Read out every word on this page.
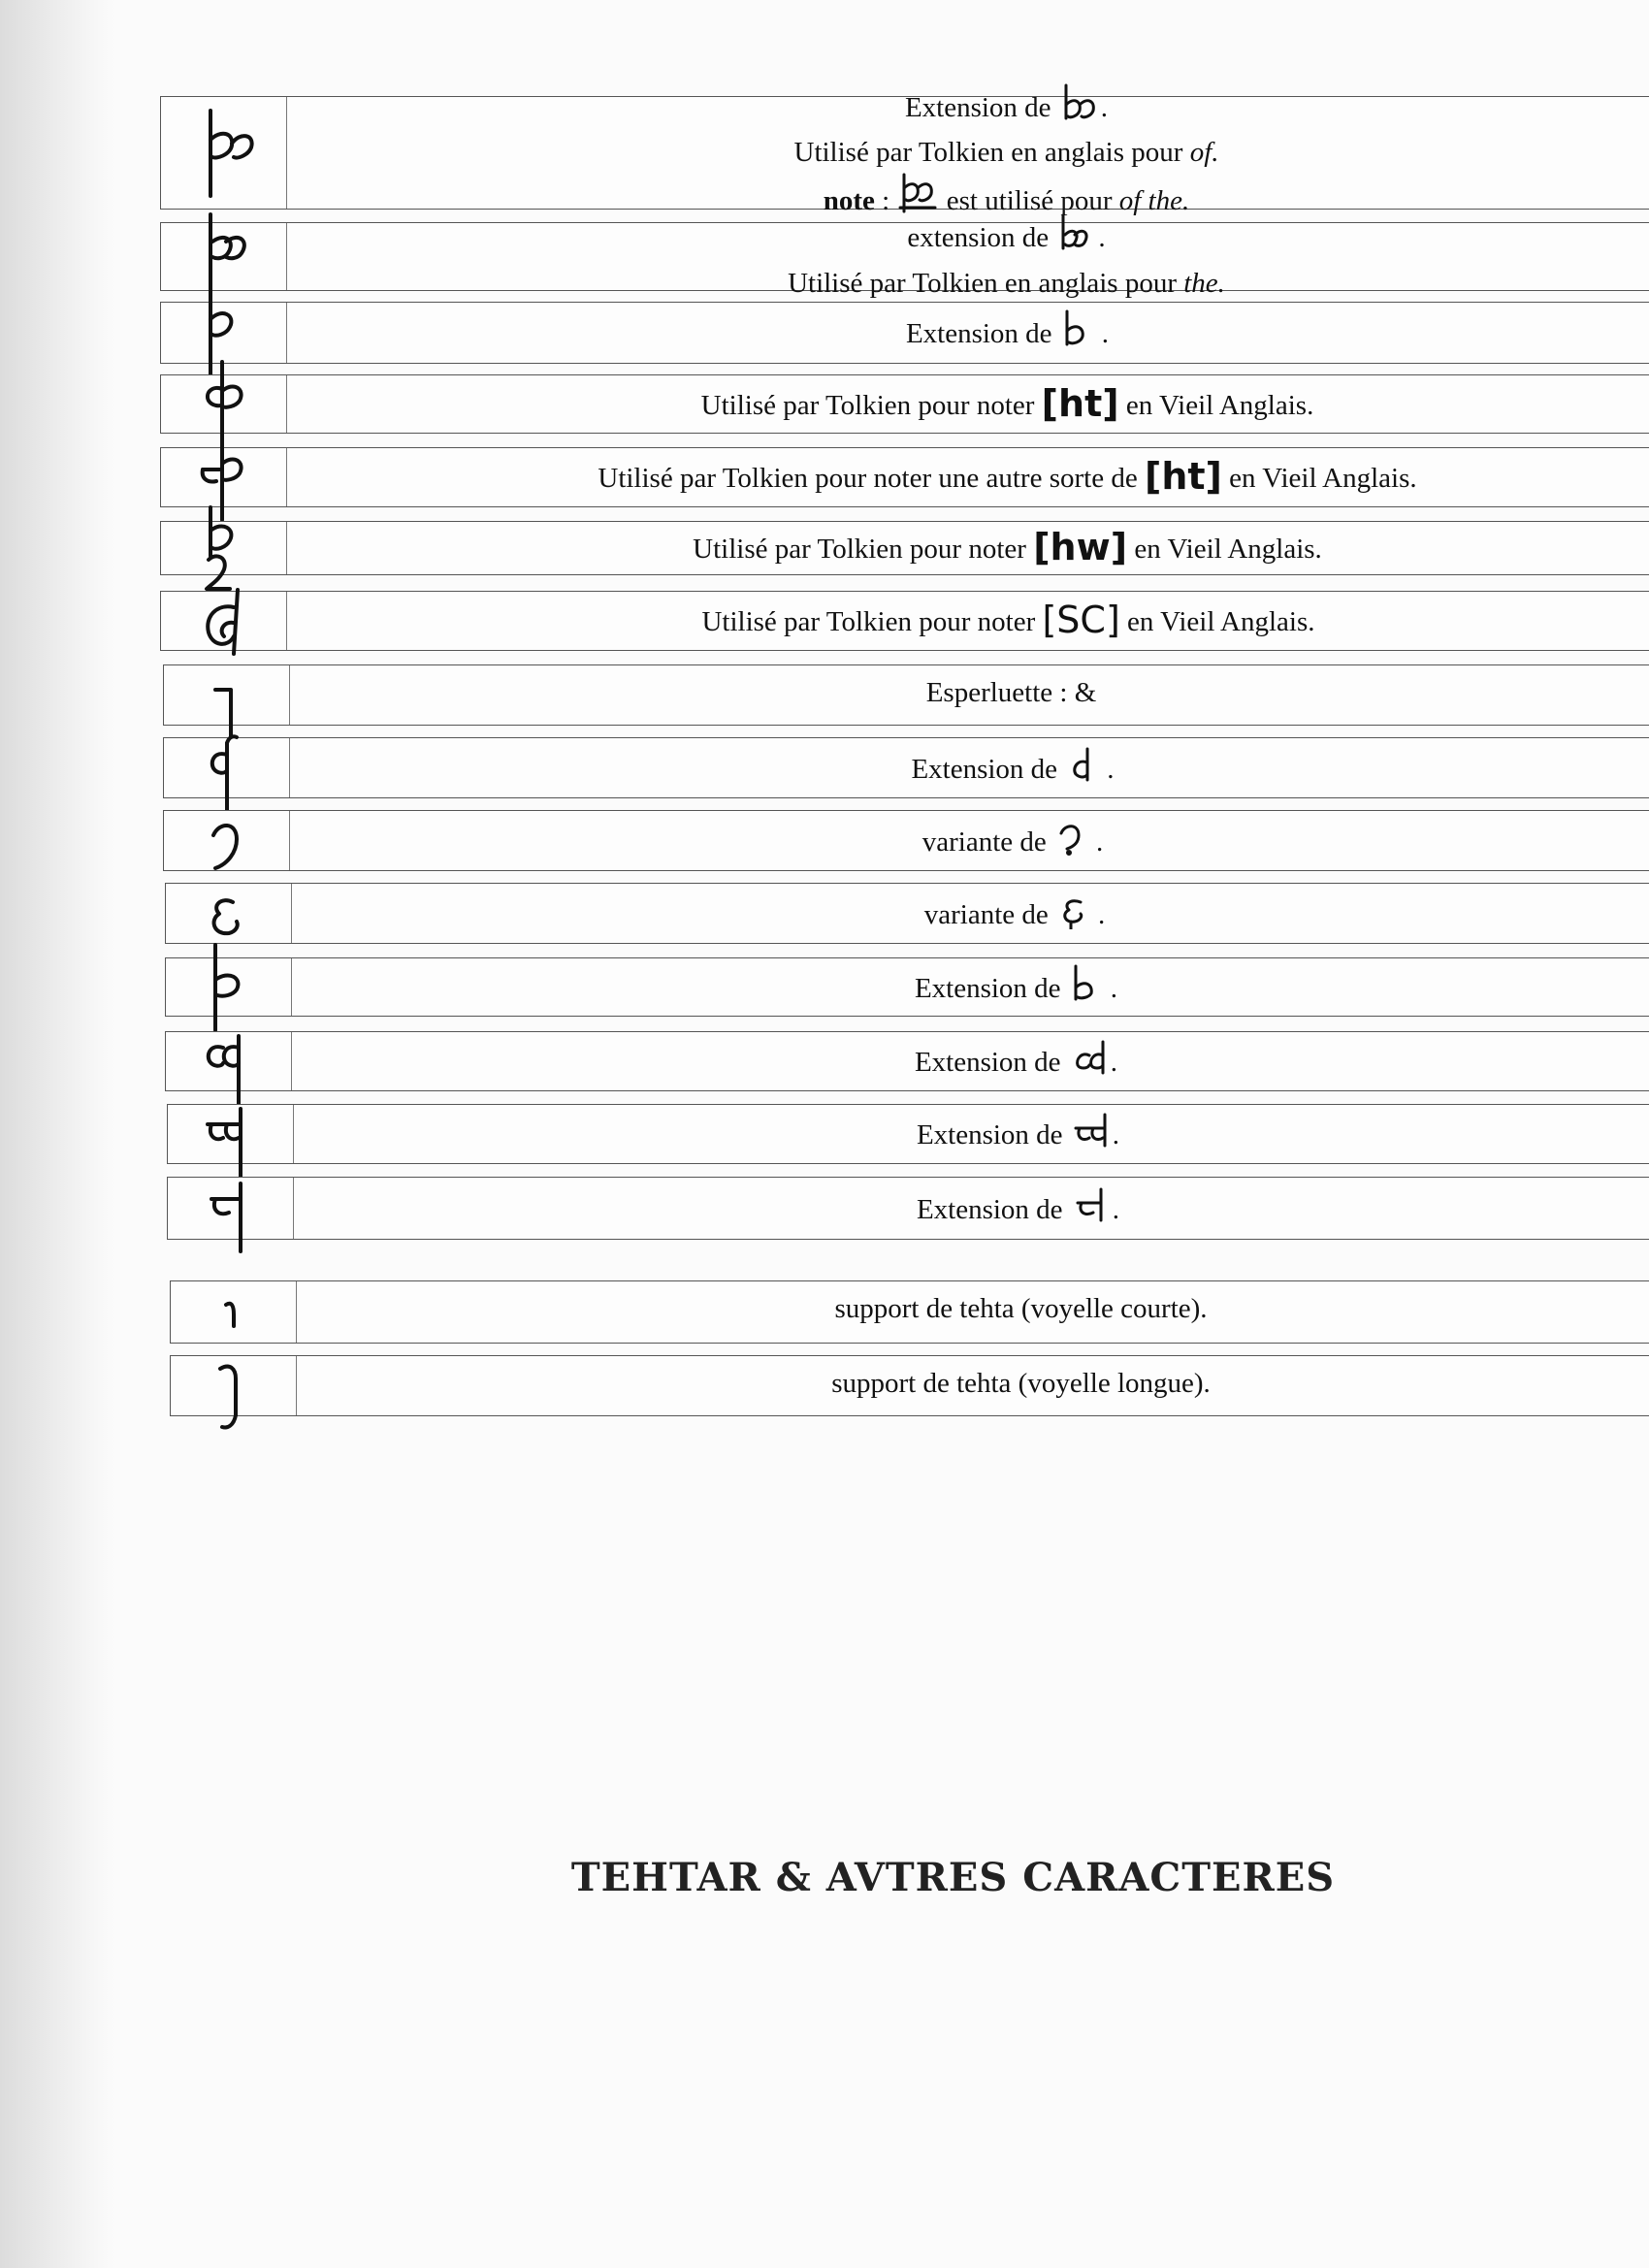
Extension de .
Utilisé par Tolkien en anglais pour of.
note : est utilisé pour of the.
extension de .
Utilisé par Tolkien en anglais pour the.
Extension de .
Utilisé par Tolkien pour noter [ht] en Vieil Anglais.
Utilisé par Tolkien pour noter une autre sorte de [ht] en Vieil Anglais.
Utilisé par Tolkien pour noter [hw] en Vieil Anglais.
Utilisé par Tolkien pour noter [SC] en Vieil Anglais.
Esperluette : &
Extension de .
variante de .
variante de .
Extension de .
Extension de .
Extension de .
Extension de .
support de tehta (voyelle courte).
support de tehta (voyelle longue).
TEHTAR & AVTRES CARACTERES
